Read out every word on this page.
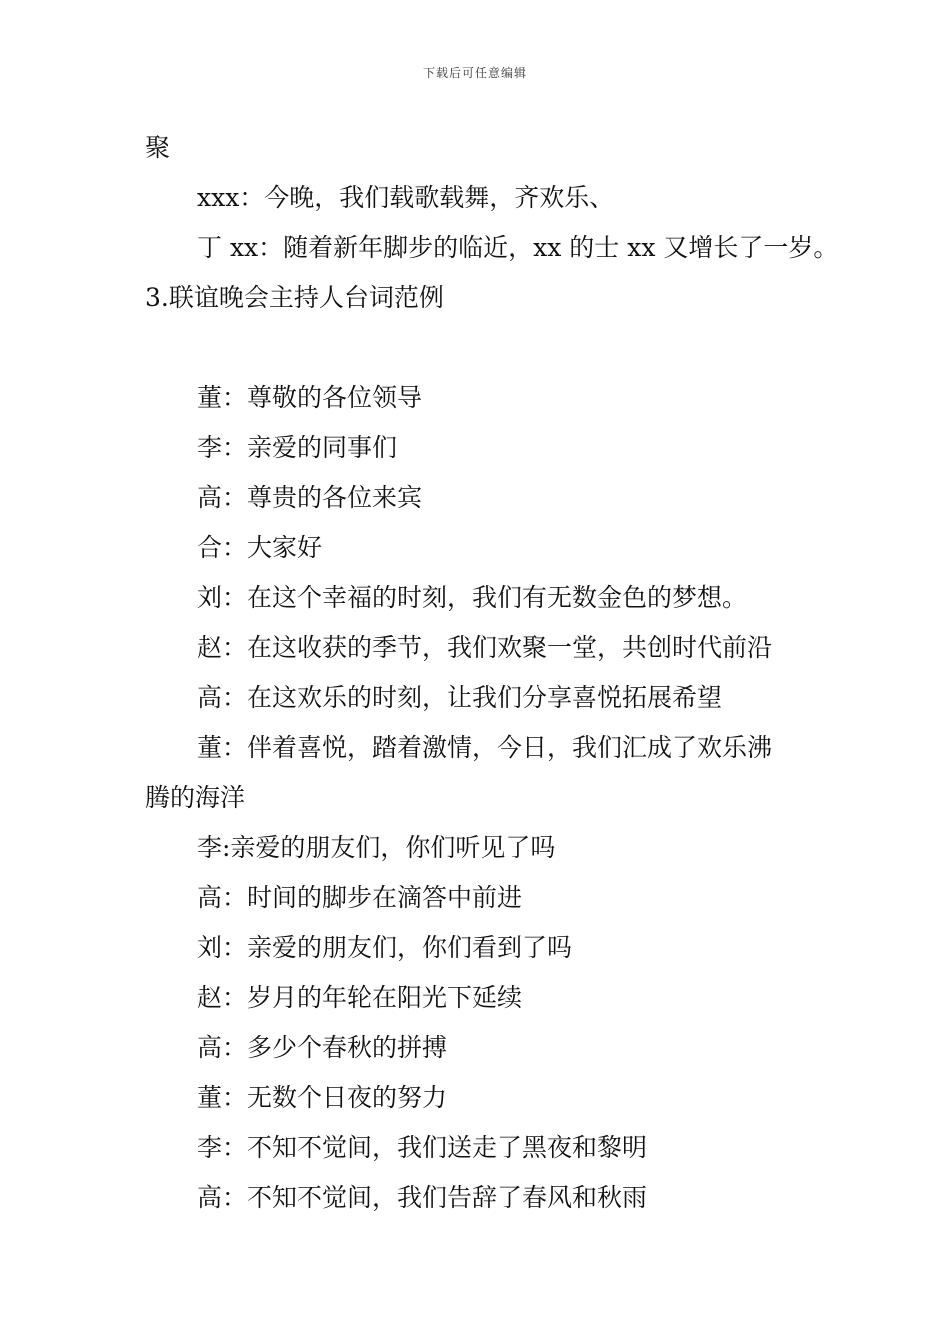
下载后可任意编辑
聚
xxx：今晚，我们载歌载舞，齐欢乐、
丁 xx：随着新年脚步的临近，xx 的士 xx 又增长了一岁。
3.联谊晚会主持人台词范例
董：尊敬的各位领导
李：亲爱的同事们
高：尊贵的各位来宾
合：大家好
刘：在这个幸福的时刻，我们有无数金色的梦想。
赵：在这收获的季节，我们欢聚一堂，共创时代前沿
高：在这欢乐的时刻，让我们分享喜悦拓展希望
董：伴着喜悦，踏着激情，今日，我们汇成了欢乐沸
腾的海洋
李:亲爱的朋友们，你们听见了吗
高：时间的脚步在滴答中前进
刘：亲爱的朋友们，你们看到了吗
赵：岁月的年轮在阳光下延续
高：多少个春秋的拼搏
董：无数个日夜的努力
李：不知不觉间，我们送走了黑夜和黎明
高：不知不觉间，我们告辞了春风和秋雨
